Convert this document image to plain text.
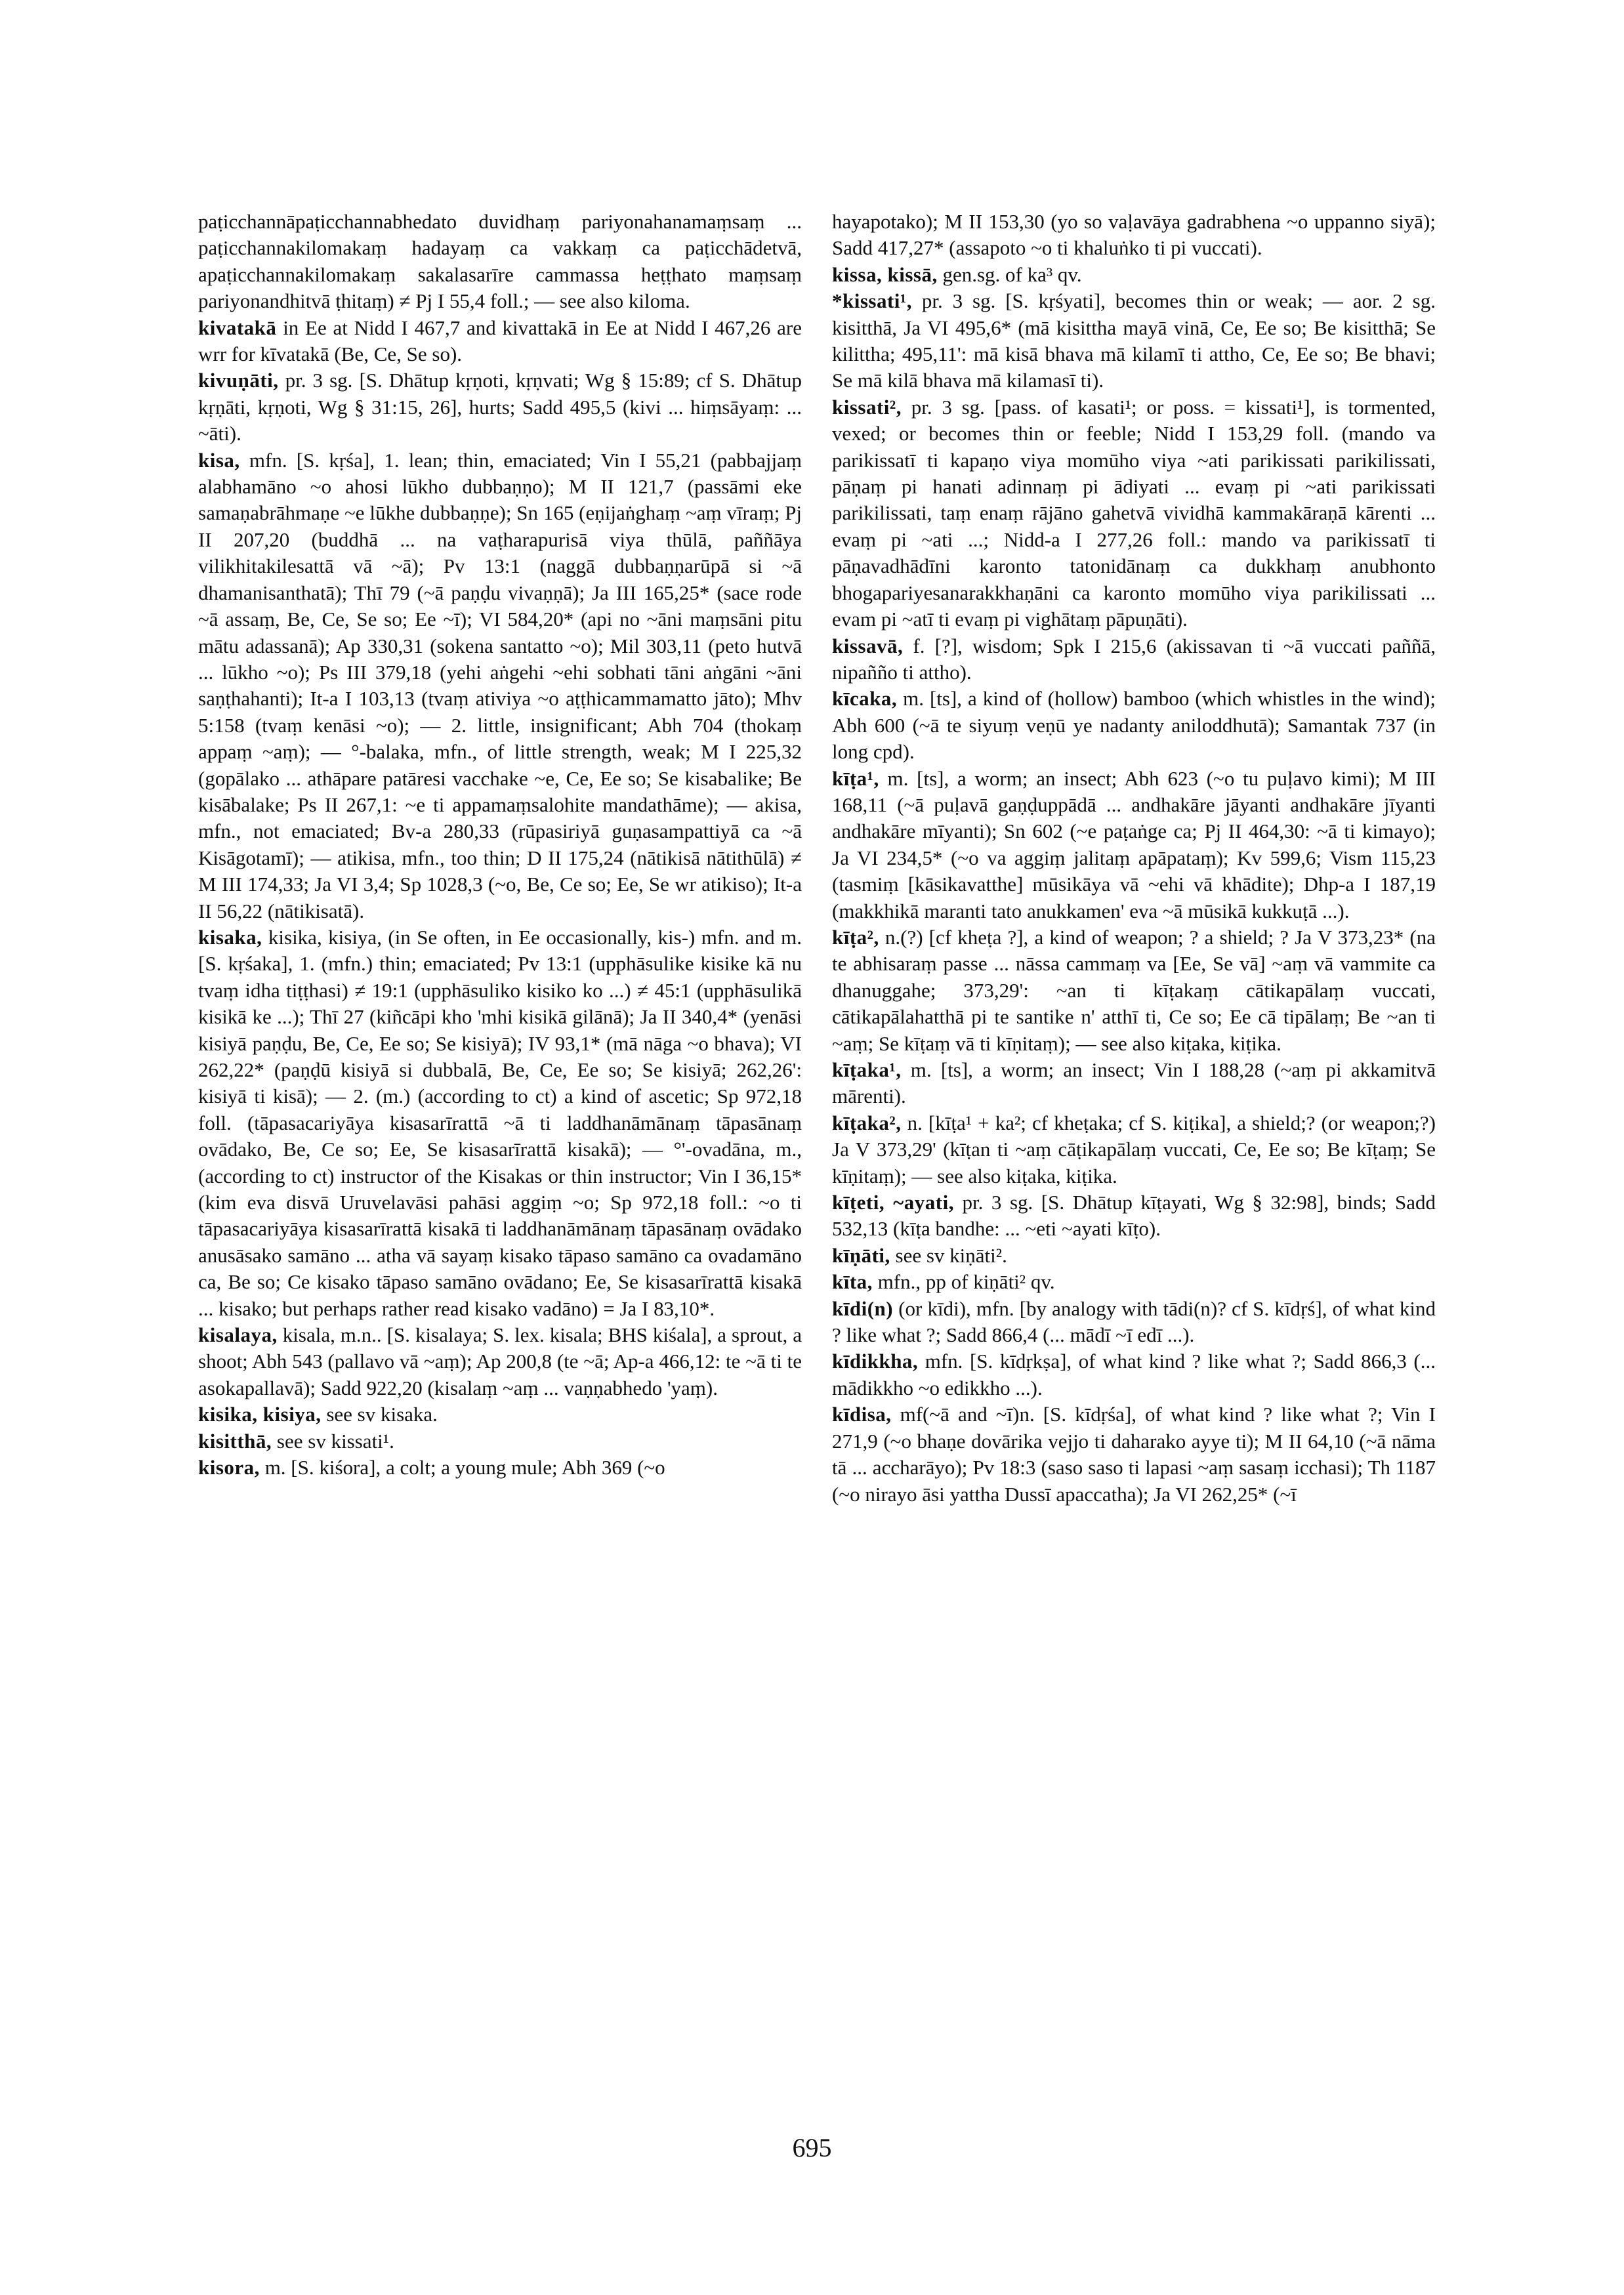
paṭicchannāpaṭicchannabhedato duvidhaṃ pariyonahanamaṃsaṃ ... paṭicchannakilomakaṃ hadayaṃ ca vakkaṃ ca paṭicchādetvā, apaṭicchannakilomakaṃ sakalasarīre cammassa heṭṭhato maṃsaṃ pariyonandhitvā ṭhitaṃ) ≠ Pj I 55,4 foll.; — see also kiloma.

kivatakā in Ee at Nidd I 467,7 and kivattakā in Ee at Nidd I 467,26 are wrr for kīvatakā (Be, Ce, Se so).

kivuṇāti, pr. 3 sg. [S. Dhātup kṛṇoti, kṛṇvati; Wg § 15:89; cf S. Dhātup kṛṇāti, kṛṇoti, Wg § 31:15, 26], hurts; Sadd 495,5 (kivi ... hiṃsāyaṃ: ... ~āti).

kisa, mfn. [S. kṛśa], 1. lean; thin, emaciated; Vin I 55,21 (pabbajjaṃ alabhamāno ~o ahosi lūkho dubbaṇṇo); M II 121,7 (passāmi eke samaṇabrāhmaṇe ~e lūkhe dubbaṇṇe); Sn 165 (eṇijaṅghaṃ ~aṃ vīraṃ; Pj II 207,20 (buddhā ... na vaṭharapurisā viya thūlā, paññāya vilikhitakilesattā vā ~ā); Pv 13:1 (naggā dubbaṇṇarūpā si ~ā dhamanisanthatā); Thī 79 (~ā paṇḍu vivaṇṇā); Ja III 165,25* (sace rode ~ā assaṃ, Be, Ce, Se so; Ee ~ī); VI 584,20* (api no ~āni maṃsāni pitu mātu adassanā); Ap 330,31 (sokena santatto ~o); Mil 303,11 (peto hutvā ... lūkho ~o); Ps III 379,18 (yehi aṅgehi ~ehi sobhati tāni aṅgāni ~āni saṇṭhahanti); It-a I 103,13 (tvaṃ ativiya ~o aṭṭhicammamatto jāto); Mhv 5:158 (tvaṃ kenāsi ~o); — 2. little, insignificant; Abh 704 (thokaṃ appaṃ ~aṃ); — °-balaka, mfn., of little strength, weak; M I 225,32 (gopālako ... athāpare patāresi vacchake ~e, Ce, Ee so; Se kisabalike; Be kisābalake; Ps II 267,1: ~e ti appamaṃsalohite mandathāme); — akisa, mfn., not emaciated; Bv-a 280,33 (rūpasiriyā guṇasampattiyā ca ~ā Kisāgotamī); — atikisa, mfn., too thin; D II 175,24 (nātikisā nātithūlā) ≠ M III 174,33; Ja VI 3,4; Sp 1028,3 (~o, Be, Ce so; Ee, Se wr atikiso); It-a II 56,22 (nātikisatā).

kisaka, kisika, kisiya, (in Se often, in Ee occasionally, kis-) mfn. and m. [S. kṛśaka], 1. (mfn.) thin; emaciated; Pv 13:1 (upphāsulike kisike kā nu tvaṃ idha tiṭṭhasi) ≠ 19:1 (upphāsuliko kisiko ko ...) ≠ 45:1 (upphāsulikā kisikā ke ...); Thī 27 (kiñcāpi kho 'mhi kisikā gilānā); Ja II 340,4* (yenāsi kisiyā paṇḍu, Be, Ce, Ee so; Se kisiyā); IV 93,1* (mā nāga ~o bhava); VI 262,22* (paṇḍū kisiyā si dubbalā, Be, Ce, Ee so; Se kisiyā; 262,26': kisiyā ti kisā); — 2. (m.) (according to ct) a kind of ascetic; Sp 972,18 foll. (tāpasacariyāya kisasarīrattā ~ā ti laddhanāmānaṃ tāpasānaṃ ovādako, Be, Ce so; Ee, Se kisasarīrattā kisakā); — °'-ovadāna, m., (according to ct) instructor of the Kisakas or thin instructor; Vin I 36,15* (kim eva disvā Uruvelavāsi pahāsi aggiṃ ~o; Sp 972,18 foll.: ~o ti tāpasacariyāya kisasarīrattā kisakā ti laddhanāmānaṃ tāpasānaṃ ovādako anusāsako samāno ... atha vā sayaṃ kisako tāpaso samāno ca ovadamāno ca, Be so; Ce kisako tāpaso samāno ovādano; Ee, Se kisasarīrattā kisakā ... kisako; but perhaps rather read kisako vadāno) = Ja I 83,10*.

kisalaya, kisala, m.n.. [S. kisalaya; S. lex. kisala; BHS kiśala], a sprout, a shoot; Abh 543 (pallavo vā ~aṃ); Ap 200,8 (te ~ā; Ap-a 466,12: te ~ā ti te asokapallavā); Sadd 922,20 (kisalaṃ ~aṃ ... vaṇṇabhedo 'yaṃ).

kisika, kisiya, see sv kisaka.

kisitthā, see sv kissati¹.

kisora, m. [S. kiśora], a colt; a young mule; Abh 369 (~o

hayapotako); M II 153,30 (yo so vaḷavāya gadrabhena ~o uppanno siyā); Sadd 417,27* (assapoto ~o ti khaluṅko ti pi vuccati).

kissa, kissā, gen.sg. of ka³ qv.

*kissati¹, pr. 3 sg. [S. kṛśyati], becomes thin or weak; — aor. 2 sg. kisitthā, Ja VI 495,6* (mā kisittha mayā vinā, Ce, Ee so; Be kisitthā; Se kilittha; 495,11': mā kisā bhava mā kilamī ti attho, Ce, Ee so; Be bhavi; Se mā kilā bhava mā kilamasī ti).

kissati², pr. 3 sg. [pass. of kasati¹; or poss. = kissati¹], is tormented, vexed; or becomes thin or feeble; Nidd I 153,29 foll. (mando va parikissatī ti kapaṇo viya momūho viya ~ati parikissati parikilissati, pāṇaṃ pi hanati adinnaṃ pi ādiyati ... evaṃ pi ~ati parikissati parikilissati, taṃ enaṃ rājāno gahetvā vividhā kammakāraṇā kārenti ... evaṃ pi ~ati ...; Nidd-a I 277,26 foll.: mando va parikissatī ti pāṇavadhādīni karonto tatonidānaṃ ca dukkhaṃ anubhonto bhogapariyesanarakkhaṇāni ca karonto momūho viya parikilissati ... evam pi ~atī ti evaṃ pi vighātaṃ pāpuṇāti).

kissavā, f. [?], wisdom; Spk I 215,6 (akissavan ti ~ā vuccati paññā, nipañño ti attho).

kīcaka, m. [ts], a kind of (hollow) bamboo (which whistles in the wind); Abh 600 (~ā te siyuṃ veṇū ye nadanty aniloddhutā); Samantak 737 (in long cpd).

kīṭa¹, m. [ts], a worm; an insect; Abh 623 (~o tu puḷavo kimi); M III 168,11 (~ā puḷavā gaṇḍuppādā ... andhakāre jāyanti andhakāre jīyanti andhakāre mīyanti); Sn 602 (~e paṭaṅge ca; Pj II 464,30: ~ā ti kimayo); Ja VI 234,5* (~o va aggiṃ jalitaṃ apāpataṃ); Kv 599,6; Vism 115,23 (tasmiṃ [kāsikavatthe] mūsikāya vā ~ehi vā khādite); Dhp-a I 187,19 (makkhikā maranti tato anukkamen' eva ~ā mūsikā kukkuṭā ...).

kīṭa², n.(?) [cf kheṭa ?], a kind of weapon; ? a shield; ? Ja V 373,23* (na te abhisaraṃ passe ... nāssa cammaṃ va [Ee, Se vā] ~aṃ vā vammite ca dhanuggahe; 373,29': ~an ti kīṭakaṃ cātikapālaṃ vuccati, cātikapālahatthā pi te santike n' atthī ti, Ce so; Ee cā tipālaṃ; Be ~an ti ~aṃ; Se kīṭaṃ vā ti kīṇitaṃ); — see also kiṭaka, kiṭika.

kīṭaka¹, m. [ts], a worm; an insect; Vin I 188,28 (~aṃ pi akkamitvā mārenti).

kīṭaka², n. [kīṭa¹ + ka²; cf kheṭaka; cf S. kiṭika], a shield;? (or weapon;?) Ja V 373,29' (kīṭan ti ~aṃ cāṭikapālaṃ vuccati, Ce, Ee so; Be kīṭaṃ; Se kīṇitaṃ); — see also kiṭaka, kiṭika.

kīṭeti, ~ayati, pr. 3 sg. [S. Dhātup kīṭayati, Wg § 32:98], binds; Sadd 532,13 (kīṭa bandhe: ... ~eti ~ayati kīṭo).

kīṇāti, see sv kiṇāti².

kīta, mfn., pp of kiṇāti² qv.

kīdi(n) (or kīdi), mfn. [by analogy with tādi(n)? cf S. kīdṛś], of what kind ? like what ?; Sadd 866,4 (... mādī ~ī edī ...).

kīdikkha, mfn. [S. kīdṛkṣa], of what kind ? like what ?; Sadd 866,3 (... mādikkho ~o edikkho ...).

kīdisa, mf(~ā and ~ī)n. [S. kīdṛśa], of what kind ? like what ?; Vin I 271,9 (~o bhaṇe dovārika vejjo ti daharako ayye ti); M II 64,10 (~ā nāma tā ... accharāyo); Pv 18:3 (saso saso ti lapasi ~aṃ sasaṃ icchasi); Th 1187 (~o nirayo āsi yattha Dussī apaccatha); Ja VI 262,25* (~ī

695
